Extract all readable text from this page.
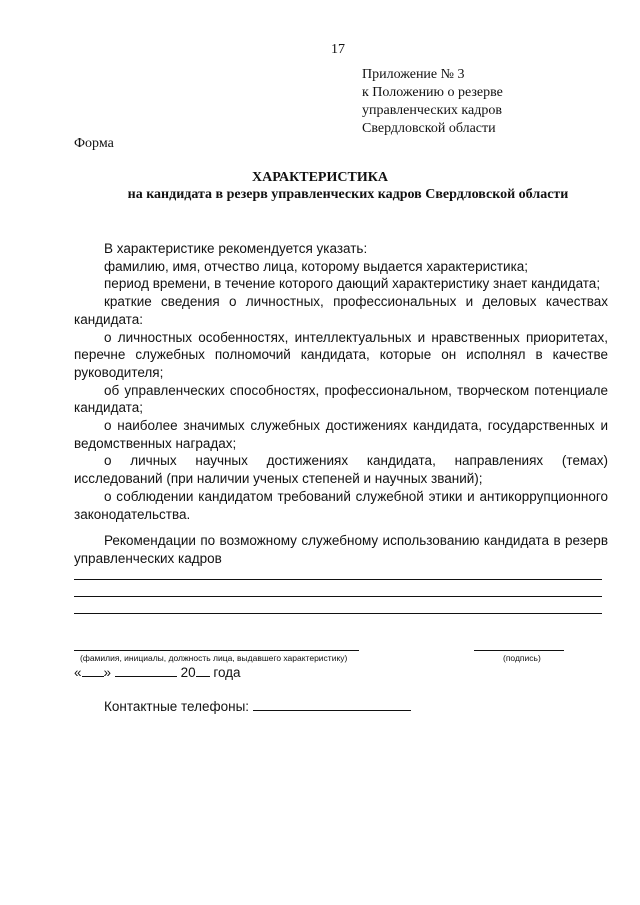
17
Приложение № 3
к Положению о резерве
управленческих кадров
Свердловской области
Форма
ХАРАКТЕРИСТИКА
на кандидата в резерв управленческих кадров Свердловской области

В характеристике рекомендуется указать:

фамилию, имя, отчество лица, которому выдается характеристика;

период времени, в течение которого дающий характеристику знает кандидата;

краткие сведения о личностных, профессиональных и деловых качествах кандидата:

о личностных особенностях, интеллектуальных и нравственных приоритетах, перечне служебных полномочий кандидата, которые он исполнял в качестве руководителя;

об управленческих способностях, профессиональном, творческом потенциале кандидата;

о наиболее значимых служебных достижениях кандидата, государственных и ведомственных наградах;

о личных научных достижениях кандидата, направлениях (темах) исследований (при наличии ученых степеней и научных званий);

о соблюдении кандидатом требований служебной этики и антикоррупционного законодательства.

Рекомендации по возможному служебному использованию кандидата в резерв управленческих кадров

(фамилия, инициалы, должность лица, выдавшего характеристику)	(подпись)
« »	20 года
Контактные телефоны:
